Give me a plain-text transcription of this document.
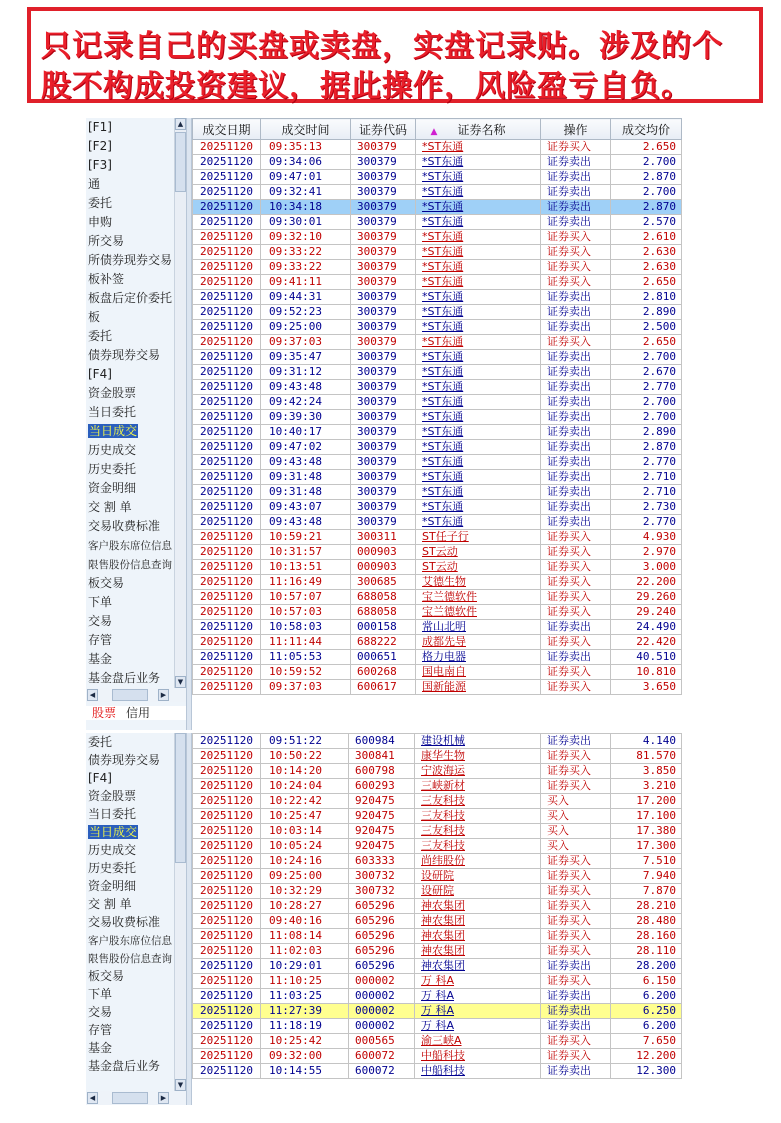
只记录自己的买盘或卖盘，实盘记录贴。涉及的个
股不构成投资建议，据此操作，风险盈亏自负。
[F1]
[F2]
[F3]
通
委托
申购
所交易
所债券现券交易
板补签
板盘后定价委托
板
委托
债券现券交易
[F4]
资金股票
当日委托
当日成交
历史成交
历史委托
资金明细
交 割 单
交易收费标准
客户股东席位信息
限售股份信息查询
板交易
下单
交易
存管
基金
基金盘后业务
▲
▼
◀	▶
股票 信用
成交日期	成交时间	证券代码	▲ 证券名称	操作	成交均价
20251120	09:35:13	300379	*ST东通	证券买入	2.650
20251120	09:34:06	300379	*ST东通	证券卖出	2.700
20251120	09:47:01	300379	*ST东通	证券卖出	2.870
20251120	09:32:41	300379	*ST东通	证券卖出	2.700
20251120	10:34:18	300379	*ST东通	证券卖出	2.870
20251120	09:30:01	300379	*ST东通	证券卖出	2.570
20251120	09:32:10	300379	*ST东通	证券买入	2.610
20251120	09:33:22	300379	*ST东通	证券买入	2.630
20251120	09:33:22	300379	*ST东通	证券买入	2.630
20251120	09:41:11	300379	*ST东通	证券买入	2.650
20251120	09:44:31	300379	*ST东通	证券卖出	2.810
20251120	09:52:23	300379	*ST东通	证券卖出	2.890
20251120	09:25:00	300379	*ST东通	证券卖出	2.500
20251120	09:37:03	300379	*ST东通	证券买入	2.650
20251120	09:35:47	300379	*ST东通	证券卖出	2.700
20251120	09:31:12	300379	*ST东通	证券卖出	2.670
20251120	09:43:48	300379	*ST东通	证券卖出	2.770
20251120	09:42:24	300379	*ST东通	证券卖出	2.700
20251120	09:39:30	300379	*ST东通	证券卖出	2.700
20251120	10:40:17	300379	*ST东通	证券卖出	2.890
20251120	09:47:02	300379	*ST东通	证券卖出	2.870
20251120	09:43:48	300379	*ST东通	证券卖出	2.770
20251120	09:31:48	300379	*ST东通	证券卖出	2.710
20251120	09:31:48	300379	*ST东通	证券卖出	2.710
20251120	09:43:07	300379	*ST东通	证券卖出	2.730
20251120	09:43:48	300379	*ST东通	证券卖出	2.770
20251120	10:59:21	300311	ST任子行	证券买入	4.930
20251120	10:31:57	000903	ST云动	证券买入	2.970
20251120	10:13:51	000903	ST云动	证券买入	3.000
20251120	11:16:49	300685	艾德生物	证券买入	22.200
20251120	10:57:07	688058	宝兰德软件	证券买入	29.260
20251120	10:57:03	688058	宝兰德软件	证券买入	29.240
20251120	10:58:03	000158	常山北明	证券卖出	24.490
20251120	11:11:44	688222	成都先导	证券买入	22.420
20251120	11:05:53	000651	格力电器	证券卖出	40.510
20251120	10:59:52	600268	国电南自	证券买入	10.810
20251120	09:37:03	600617	国新能源	证券买入	3.650
委托
债券现券交易
[F4]
资金股票
当日委托
当日成交
历史成交
历史委托
资金明细
交 割 单
交易收费标准
客户股东席位信息
限售股份信息查询
板交易
下单
交易
存管
基金
基金盘后业务
▼
◀	▶
20251120	09:51:22	600984	建设机械	证券卖出	4.140
20251120	10:50:22	300841	康华生物	证券买入	81.570
20251120	10:14:20	600798	宁波海运	证券买入	3.850
20251120	10:24:04	600293	三峡新材	证券买入	3.210
20251120	10:22:42	920475	三友科技	买入	17.200
20251120	10:25:47	920475	三友科技	买入	17.100
20251120	10:03:14	920475	三友科技	买入	17.380
20251120	10:05:24	920475	三友科技	买入	17.300
20251120	10:24:16	603333	尚纬股份	证券买入	7.510
20251120	09:25:00	300732	设研院	证券买入	7.940
20251120	10:32:29	300732	设研院	证券买入	7.870
20251120	10:28:27	605296	神农集团	证券买入	28.210
20251120	09:40:16	605296	神农集团	证券买入	28.480
20251120	11:08:14	605296	神农集团	证券买入	28.160
20251120	11:02:03	605296	神农集团	证券买入	28.110
20251120	10:29:01	605296	神农集团	证券卖出	28.200
20251120	11:10:25	000002	万 科A	证券买入	6.150
20251120	11:03:25	000002	万 科A	证券卖出	6.200
20251120	11:27:39	000002	万 科A	证券卖出	6.250
20251120	11:18:19	000002	万 科A	证券卖出	6.200
20251120	10:25:42	000565	渝三峡A	证券买入	7.650
20251120	09:32:00	600072	中船科技	证券买入	12.200
20251120	10:14:55	600072	中船科技	证券卖出	12.300
